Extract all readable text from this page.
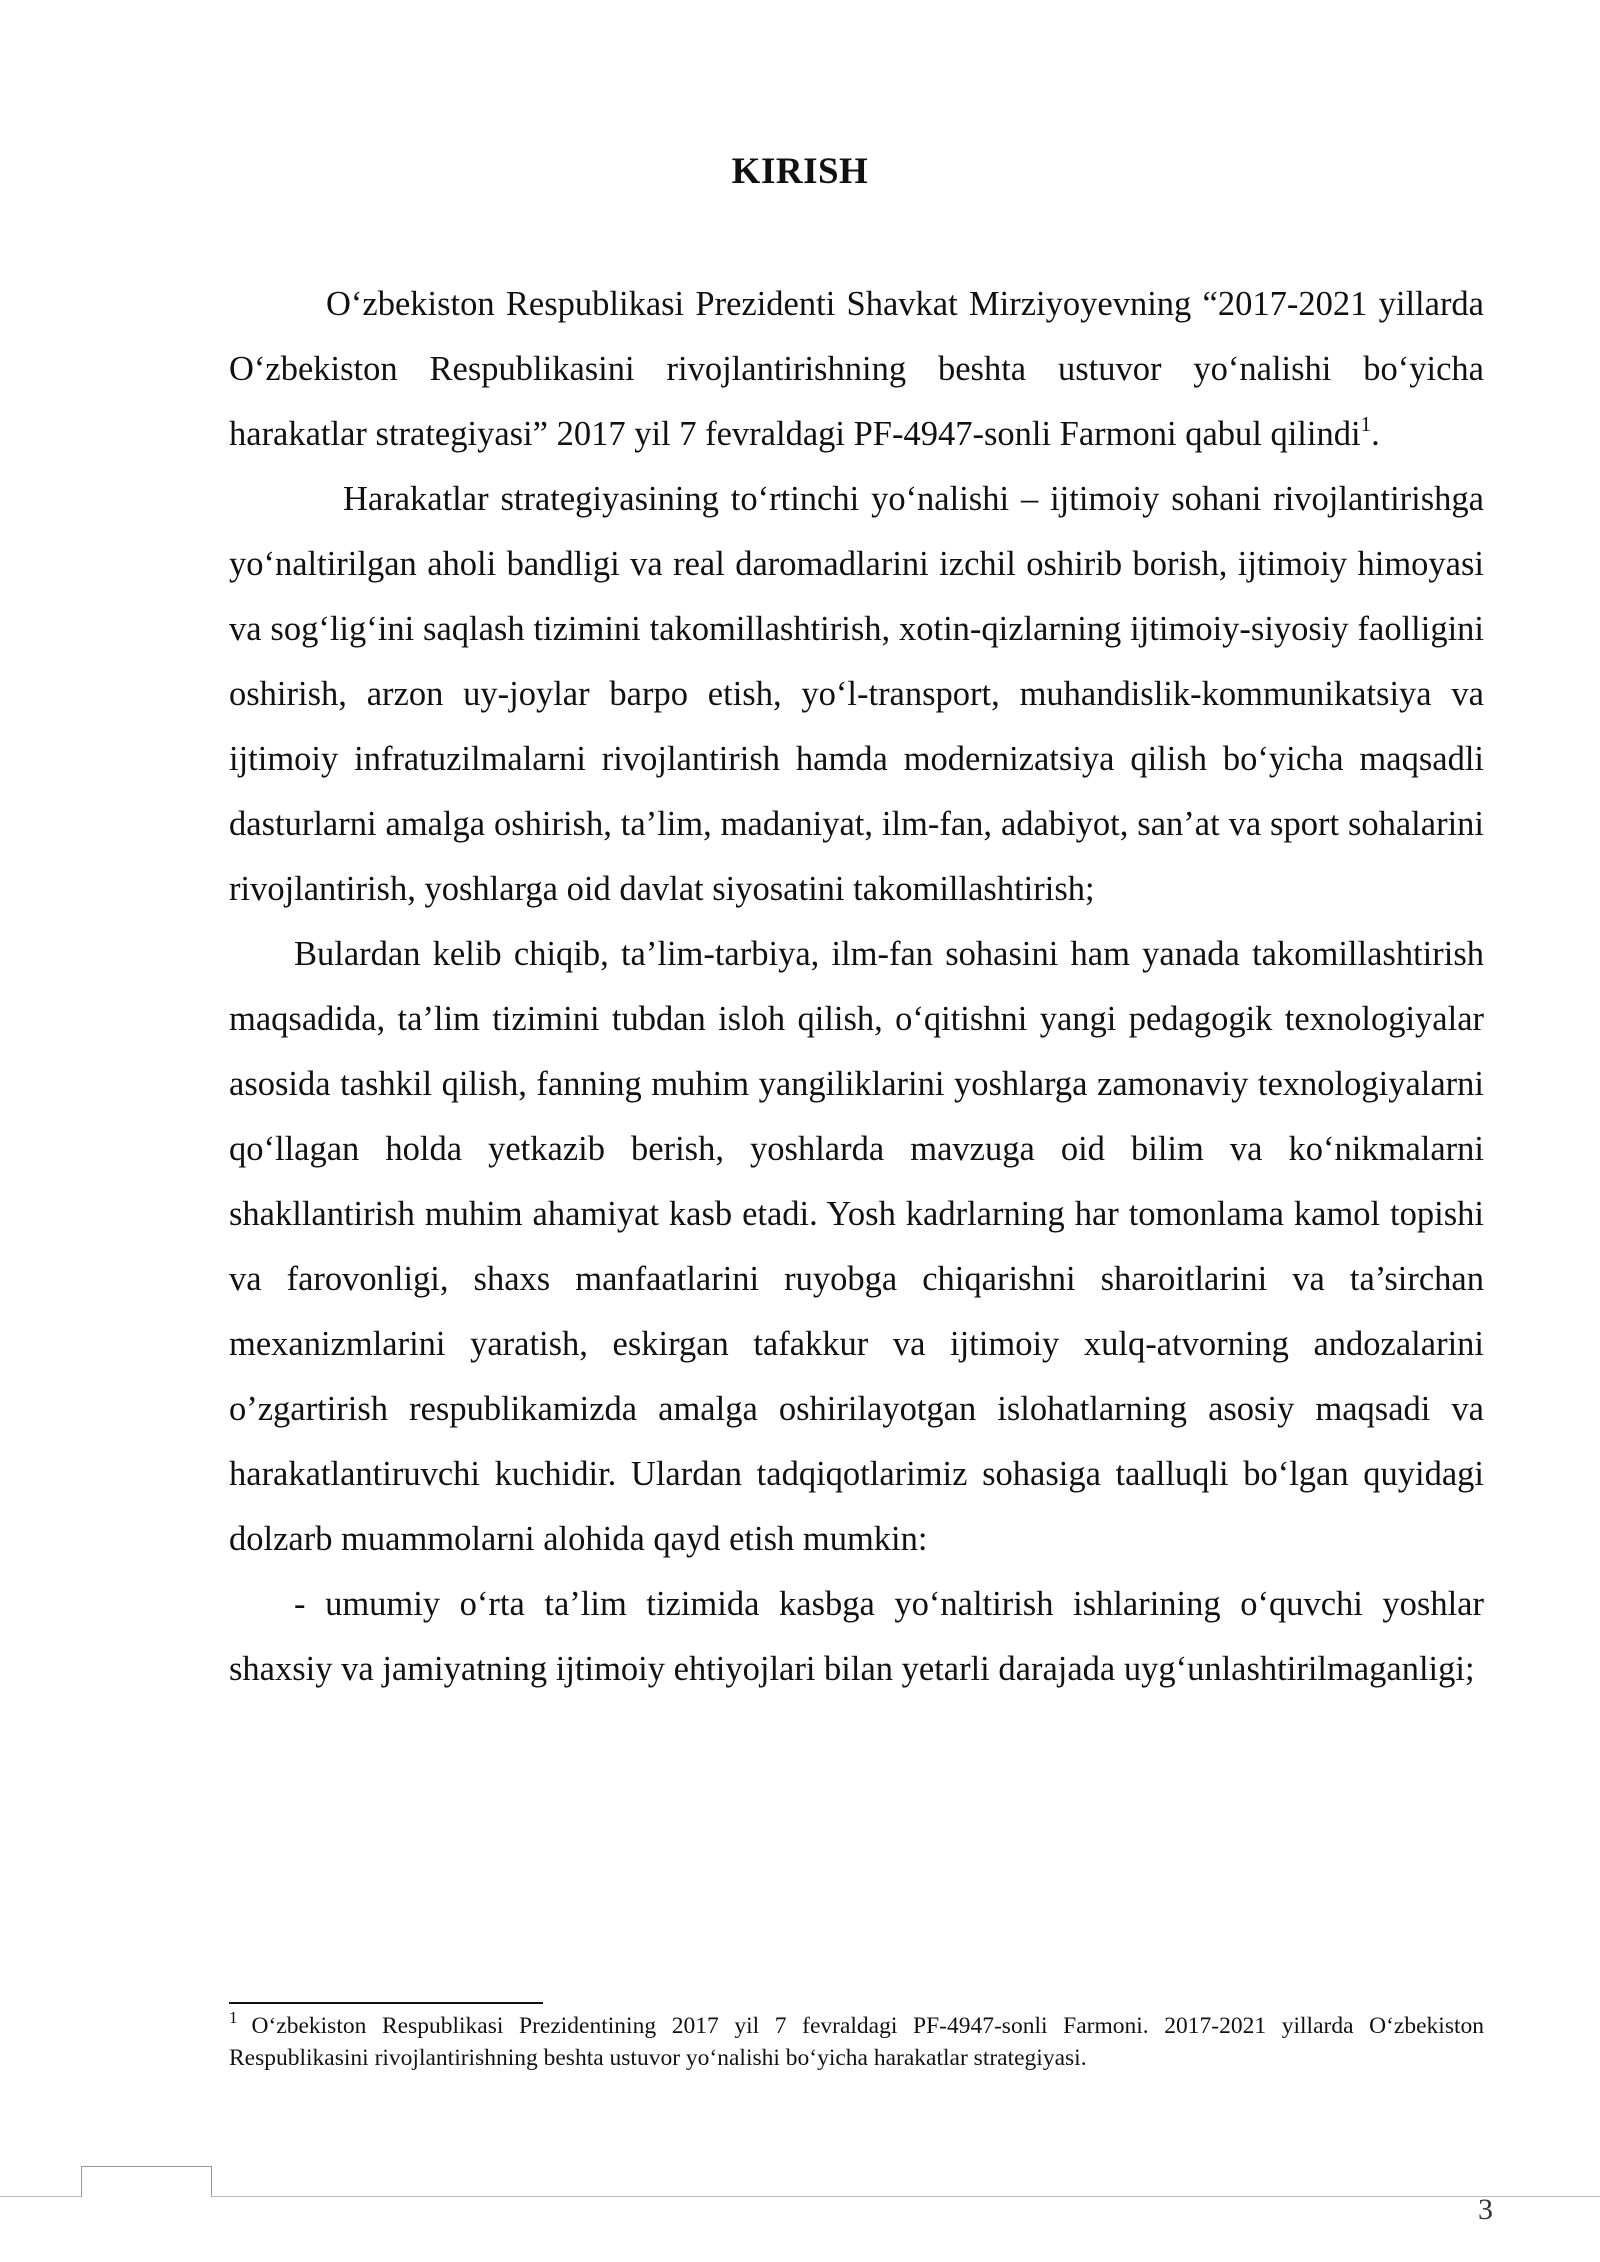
KIRISH

O‘zbekiston Respublikasi Prezidenti Shavkat Mirziyoyevning “2017-2021 yillarda O‘zbekiston Respublikasini rivojlantirishning beshta ustuvor yo‘nalishi bo‘yicha harakatlar strategiyasi” 2017 yil 7 fevraldagi PF-4947-sonli Farmoni qabul qilindi$^1$.

Harakatlar strategiyasining to‘rtinchi yo‘nalishi – ijtimoiy sohani rivojlantirishga yo‘naltirilgan aholi bandligi va real daromadlarini izchil oshirib borish, ijtimoiy himoyasi va sog‘lig‘ini saqlash tizimini takomillashtirish, xotin-qizlarning ijtimoiy-siyosiy faolligini oshirish, arzon uy-joylar barpo etish, yo‘l-transport, muhandislik-kommunikatsiya va ijtimoiy infratuzilmalarni rivojlantirish hamda modernizatsiya qilish bo‘yicha maqsadli dasturlarni amalga oshirish, ta’lim, madaniyat, ilm-fan, adabiyot, san’at va sport sohalarini rivojlantirish, yoshlarga oid davlat siyosatini takomillashtirish;

Bulardan kelib chiqib, ta’lim-tarbiya, ilm-fan sohasini ham yanada takomillashtirish maqsadida, ta’lim tizimini tubdan isloh qilish, o‘qitishni yangi pedagogik texnologiyalar asosida tashkil qilish, fanning muhim yangiliklarini yoshlarga zamonaviy texnologiyalarni qo‘llagan holda yetkazib berish, yoshlarda mavzuga oid bilim va ko‘nikmalarni shakllantirish muhim ahamiyat kasb etadi. Yosh kadrlarning har tomonlama kamol topishi va farovonligi, shaxs manfaatlarini ruyobga chiqarishni sharoitlarini va ta’sirchan mexanizmlarini yaratish, eskirgan tafakkur va ijtimoiy xulq-atvorning andozalarini o’zgartirish respublikamizda amalga oshirilayotgan islohatlarning asosiy maqsadi va harakatlantiruvchi kuchidir. Ulardan tadqiqotlarimiz sohasiga taalluqli bo‘lgan quyidagi dolzarb muammolarni alohida qayd etish mumkin:

- umumiy o‘rta ta’lim tizimida kasbga yo‘naltirish ishlarining o‘quvchi yoshlar shaxsiy va jamiyatning ijtimoiy ehtiyojlari bilan yetarli darajada uyg‘unlashtirilmaganligi;

$^1$ O‘zbekiston Respublikasi Prezidentining 2017 yil 7 fevraldagi PF-4947-sonli Farmoni. 2017-2021 yillarda O‘zbekiston Respublikasini rivojlantirishning beshta ustuvor yo‘nalishi bo‘yicha harakatlar strategiyasi.
3
